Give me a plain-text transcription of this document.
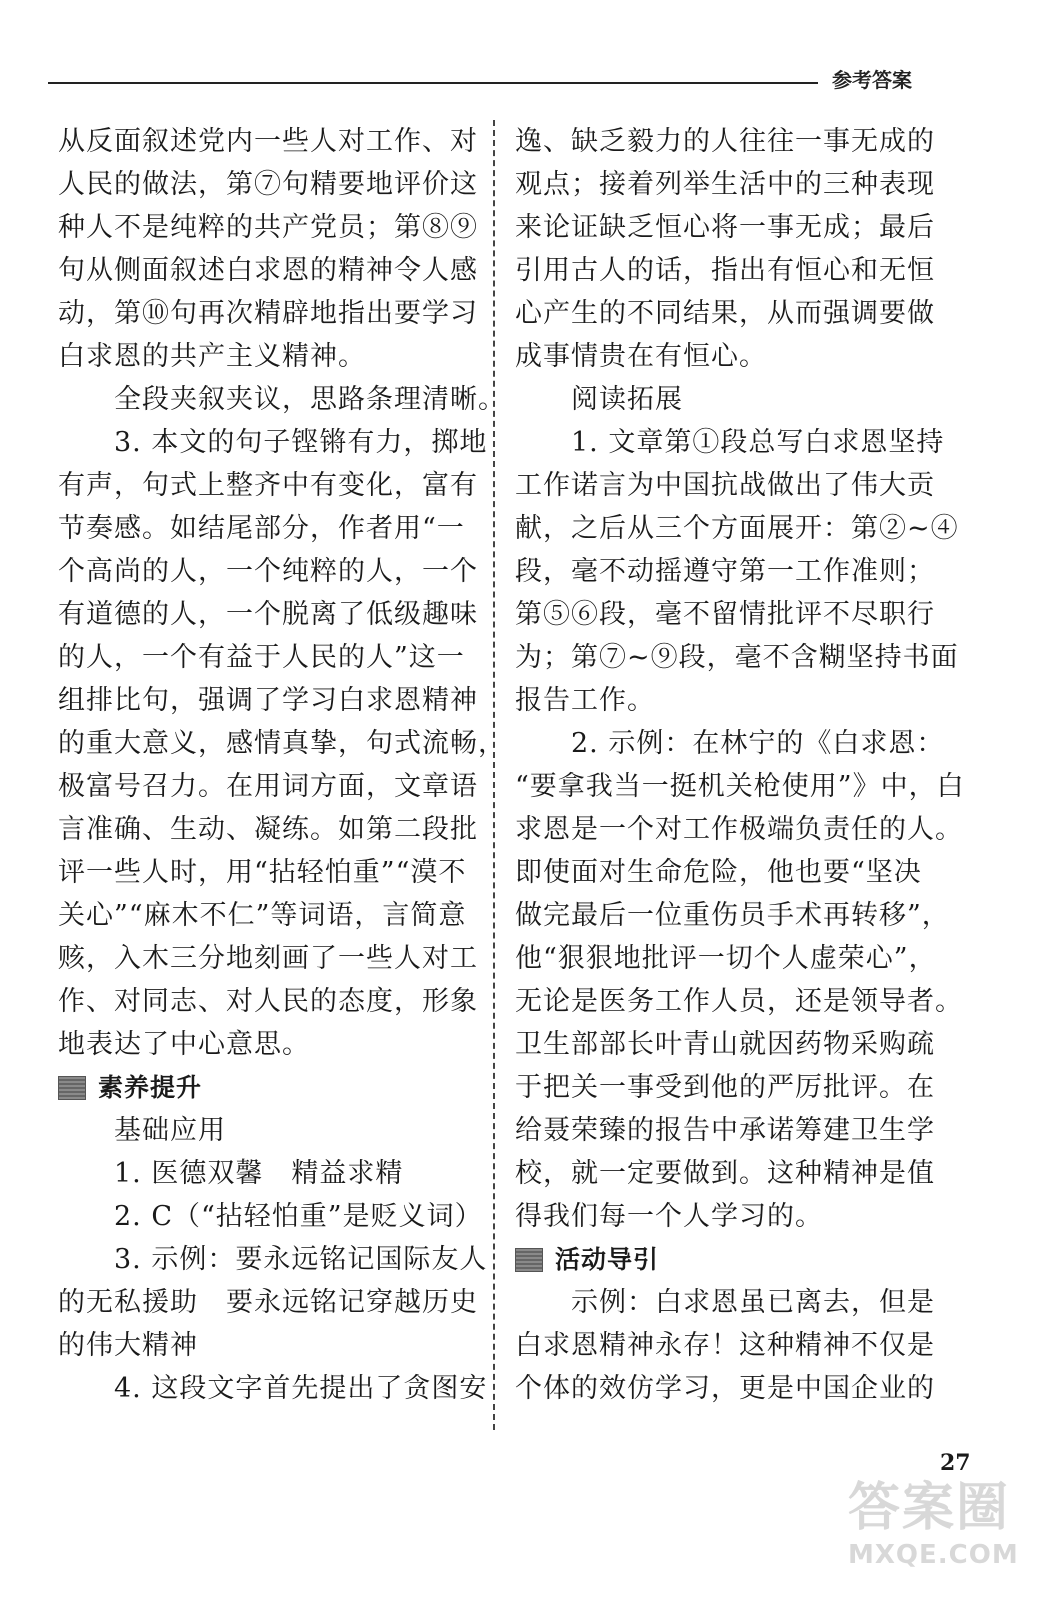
参考答案
从反面叙述党内一些人对工作、对
人民的做法，第⑦句精要地评价这
种人不是纯粹的共产党员；第⑧⑨
句从侧面叙述白求恩的精神令人感
动，第⑩句再次精辟地指出要学习
白求恩的共产主义精神。
　　全段夹叙夹议，思路条理清晰。
　　3. 本文的句子铿锵有力，掷地
有声，句式上整齐中有变化，富有
节奏感。如结尾部分，作者用“一
个高尚的人，一个纯粹的人，一个
有道德的人，一个脱离了低级趣味
的人，一个有益于人民的人”这一
组排比句，强调了学习白求恩精神
的重大意义，感情真挚，句式流畅，
极富号召力。在用词方面，文章语
言准确、生动、凝练。如第二段批
评一些人时，用“拈轻怕重”“漠不
关心”“麻木不仁”等词语，言简意
赅，入木三分地刻画了一些人对工
作、对同志、对人民的态度，形象
地表达了中心意思。
素养提升
　　基础应用
　　1. 医德双馨　精益求精
　　2. C（“拈轻怕重”是贬义词）
　　3. 示例：要永远铭记国际友人
的无私援助　要永远铭记穿越历史
的伟大精神
　　4. 这段文字首先提出了贪图安
逸、缺乏毅力的人往往一事无成的
观点；接着列举生活中的三种表现
来论证缺乏恒心将一事无成；最后
引用古人的话，指出有恒心和无恒
心产生的不同结果，从而强调要做
成事情贵在有恒心。
　　阅读拓展
　　1. 文章第①段总写白求恩坚持
工作诺言为中国抗战做出了伟大贡
献，之后从三个方面展开：第②~④
段，毫不动摇遵守第一工作准则；
第⑤⑥段，毫不留情批评不尽职行
为；第⑦~⑨段，毫不含糊坚持书面
报告工作。
　　2. 示例：在林宁的《白求恩：
“要拿我当一挺机关枪使用”》中，白
求恩是一个对工作极端负责任的人。
即使面对生命危险，他也要“坚决
做完最后一位重伤员手术再转移”，
他“狠狠地批评一切个人虚荣心”，
无论是医务工作人员，还是领导者。
卫生部部长叶青山就因药物采购疏
于把关一事受到他的严厉批评。在
给聂荣臻的报告中承诺筹建卫生学
校，就一定要做到。这种精神是值
得我们每一个人学习的。
活动导引
　　示例：白求恩虽已离去，但是
白求恩精神永存！这种精神不仅是
个体的效仿学习，更是中国企业的
27
答案圈
MXQE.COM
